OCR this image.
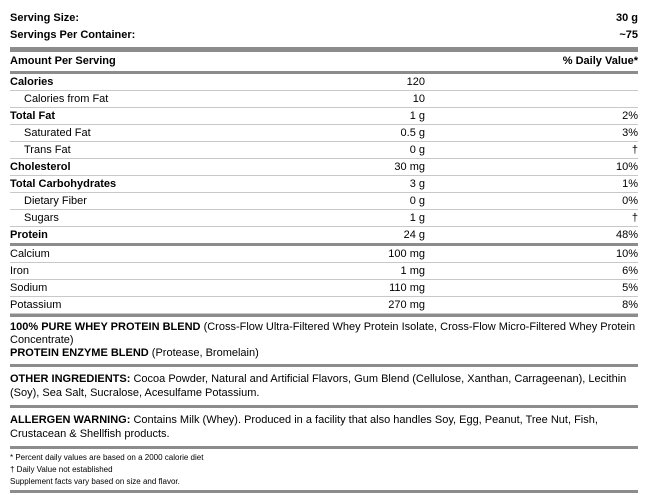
Serving Size:	30 g
Servings Per Container:	~75
Amount Per Serving	% Daily Value*
Calories	120	
Calories from Fat	10	
Total Fat	1 g	2%
Saturated Fat	0.5 g	3%
Trans Fat	0 g	†
Cholesterol	30 mg	10%
Total Carbohydrates	3 g	1%
Dietary Fiber	0 g	0%
Sugars	1 g	†
Protein	24 g	48%
Calcium	100 mg	10%
Iron	1 mg	6%
Sodium	110 mg	5%
Potassium	270 mg	8%

100% PURE WHEY PROTEIN BLEND (Cross-Flow Ultra-Filtered Whey Protein Isolate, Cross-Flow Micro-Filtered Whey Protein Concentrate)

PROTEIN ENZYME BLEND (Protease, Bromelain)

OTHER INGREDIENTS: Cocoa Powder, Natural and Artificial Flavors, Gum Blend (Cellulose, Xanthan, Carrageenan), Lecithin (Soy), Sea Salt, Sucralose, Acesulfame Potassium.
ALLERGEN WARNING: Contains Milk (Whey). Produced in a facility that also handles Soy, Egg, Peanut, Tree Nut, Fish, Crustacean & Shellfish products.
* Percent daily values are based on a 2000 calorie diet
† Daily Value not established
Supplement facts vary based on size and flavor.
